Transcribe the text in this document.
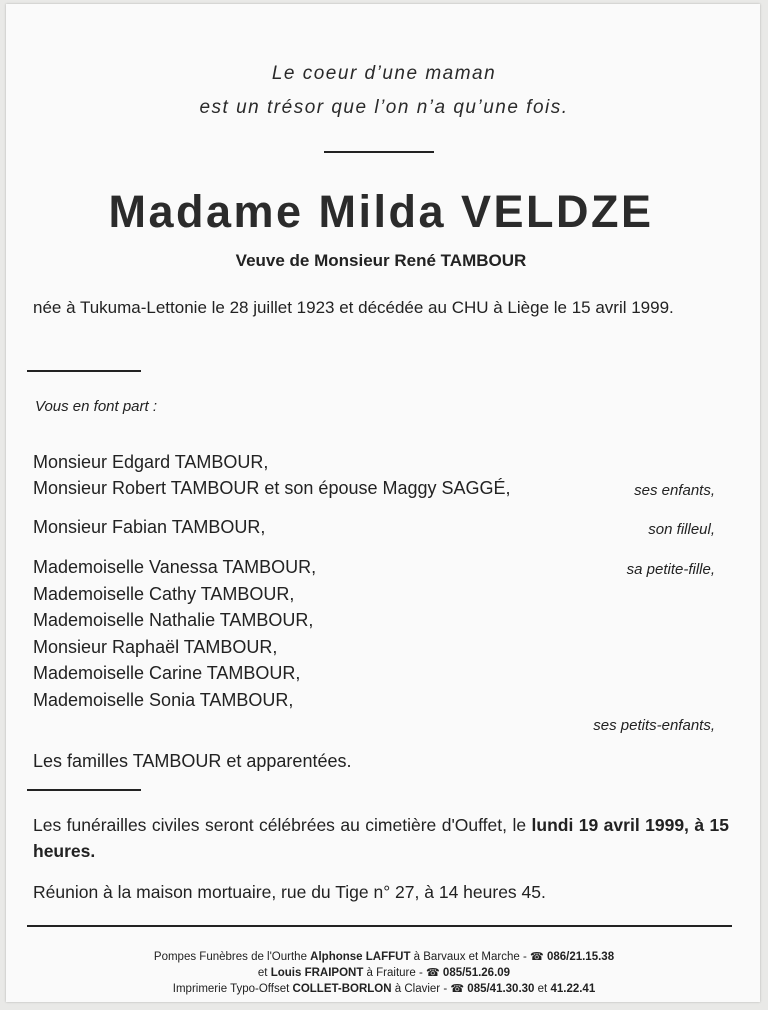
Le coeur d’une maman
est un trésor que l’on n’a qu’une fois.
Madame Milda VELDZE
Veuve de Monsieur René TAMBOUR
née à Tukuma-Lettonie le 28 juillet 1923 et décédée au CHU à Liège le 15 avril 1999.
Vous en font part :
Monsieur Edgard TAMBOUR,
Monsieur Robert TAMBOUR et son épouse Maggy SAGGÉ,	ses enfants,
Monsieur Fabian TAMBOUR,	son filleul,
Mademoiselle Vanessa TAMBOUR,	sa petite-fille,
Mademoiselle Cathy TAMBOUR,
Mademoiselle Nathalie TAMBOUR,
Monsieur Raphaël TAMBOUR,
Mademoiselle Carine TAMBOUR,
Mademoiselle Sonia TAMBOUR,
ses petits-enfants,
Les familles TAMBOUR et apparentées.
Les funérailles civiles seront célébrées au cimetière d'Ouffet, le lundi 19 avril 1999, à 15 heures.
Réunion à la maison mortuaire, rue du Tige n° 27, à 14 heures 45.
Pompes Funèbres de l'Ourthe Alphonse LAFFUT à Barvaux et Marche - ☎ 086/21.15.38
et Louis FRAIPONT à Fraiture - ☎ 085/51.26.09
Imprimerie Typo-Offset COLLET-BORLON à Clavier - ☎ 085/41.30.30 et 41.22.41
